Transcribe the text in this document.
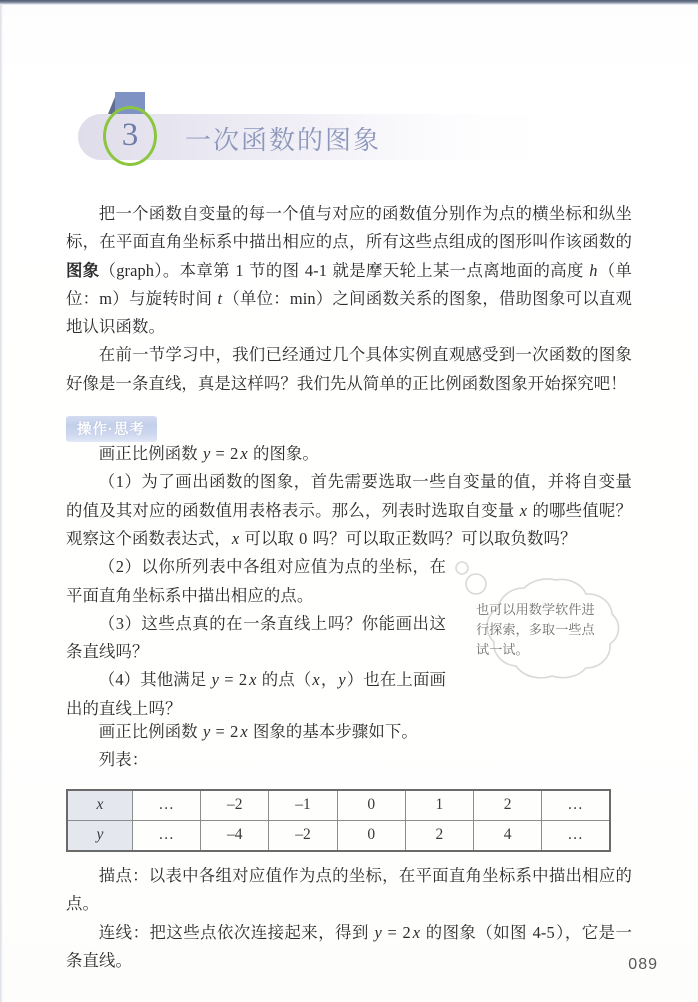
3 一次函数的图象

把一个函数自变量的每一个值与对应的函数值分别作为点的横坐标和纵坐标，在平面直角坐标系中描出相应的点，所有这些点组成的图形叫作该函数的图象（graph）。本章第 1 节的图 4-1 就是摩天轮上某一点离地面的高度 h（单位：m）与旋转时间 t（单位：min）之间函数关系的图象，借助图象可以直观地认识函数。

在前一节学习中，我们已经通过几个具体实例直观感受到一次函数的图象好像是一条直线，真是这样吗？我们先从简单的正比例函数图象开始探究吧！

操作·思考

画正比例函数 y = 2 x 的图象。

（1）为了画出函数的图象，首先需要选取一些自变量的值，并将自变量的值及其对应的函数值用表格表示。那么，列表时选取自变量 x 的哪些值呢？观察这个函数表达式，x 可以取 0 吗？可以取正数吗？可以取负数吗？

（2）以你所列表中各组对应值为点的坐标，在平面直角坐标系中描出相应的点。

（3）这些点真的在一条直线上吗？你能画出这条直线吗？

（4）其他满足 y = 2 x 的点（x，y）也在上面画出的直线上吗？

也可以用数学软件进行探索，多取一些点试一试。

画正比例函数 y = 2 x 图象的基本步骤如下。

列表：

x	…	–2	–1	0	1	2	…
y	…	–4	–2	0	2	4	…

描点：以表中各组对应值作为点的坐标，在平面直角坐标系中描出相应的点。

连线：把这些点依次连接起来，得到 y = 2 x 的图象（如图 4-5），它是一条直线。	089
